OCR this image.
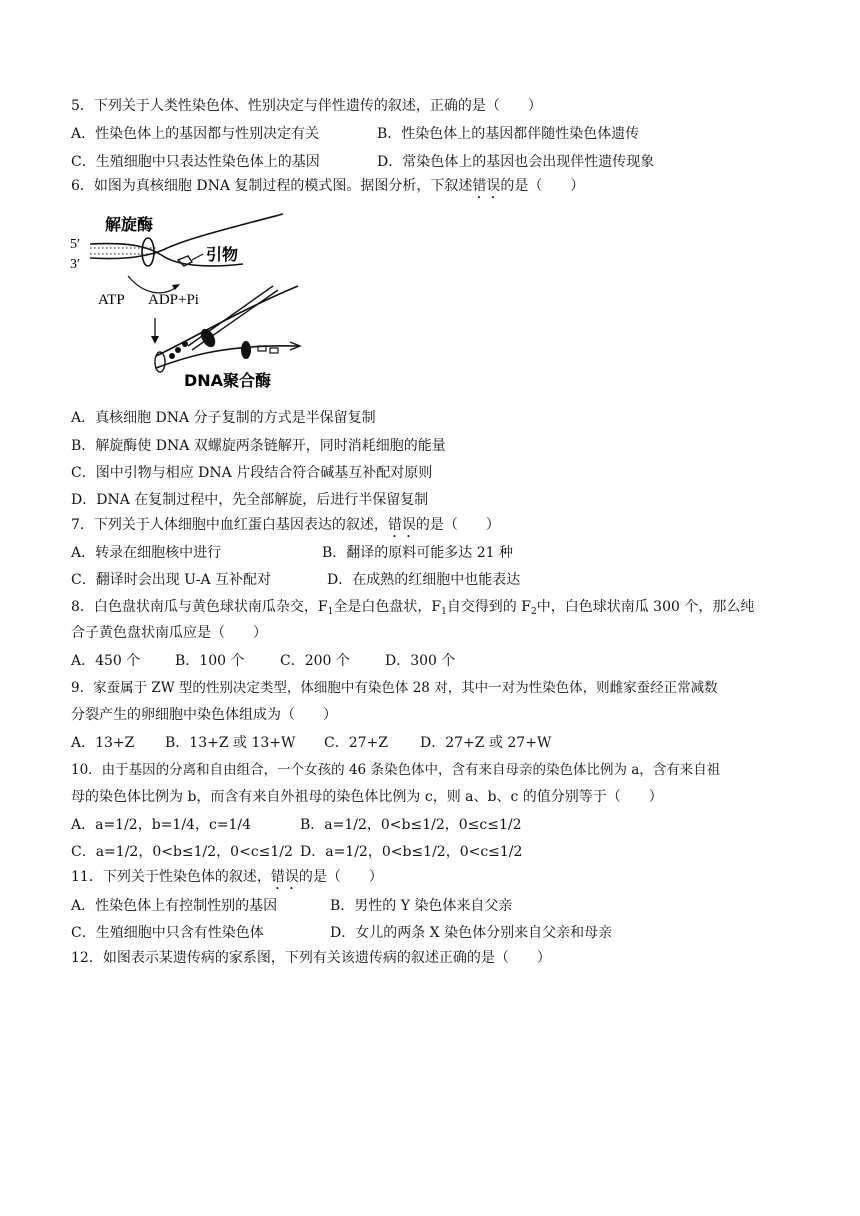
5．下列关于人类性染色体、性别决定与伴性遗传的叙述，正确的是（　　）
A．性染色体上的基因都与性别决定有关	B．性染色体上的基因都伴随性染色体遗传
C．生殖细胞中只表达性染色体上的基因	D．常染色体上的基因也会出现伴性遗传现象
6．如图为真核细胞 DNA 复制过程的模式图。据图分析，下叙述错误的是（　　）
5′
3′
解旋酶
引物
ATP ADP+Pi
DNA聚合酶
A．真核细胞 DNA 分子复制的方式是半保留复制
B．解旋酶使 DNA 双螺旋两条链解开，同时消耗细胞的能量
C．图中引物与相应 DNA 片段结合符合碱基互补配对原则
D．DNA 在复制过程中，先全部解旋，后进行半保留复制
7．下列关于人体细胞中血红蛋白基因表达的叙述，错误的是（　　）
A．转录在细胞核中进行	B．翻译的原料可能多达 21 种
C．翻译时会出现 U-A 互补配对	D．在成熟的红细胞中也能表达
8．白色盘状南瓜与黄色球状南瓜杂交，$F_1$全是白色盘状，$F_1$自交得到的 $F_2$中，白色球状南瓜 300 个，那么纯
合子黄色盘状南瓜应是（　　）
A．450 个 B．100 个	C．200 个	D．300 个
9．家蚕属于 ZW 型的性别决定类型，体细胞中有染色体 28 对，其中一对为性染色体，则雌家蚕经正常减数
分裂产生的卵细胞中染色体组成为（　　）
A．13+Z B．13+Z 或 13+W C．27+Z D．27+Z 或 27+W
10．由于基因的分离和自由组合，一个女孩的 46 条染色体中，含有来自母亲的染色体比例为 a，含有来自祖
母的染色体比例为 b，而含有来自外祖母的染色体比例为 c，则 a、b、c 的值分别等于（　　）
A．a=1/2，b=1/4，c=1/4	B．a=1/2，0<b≤1/2，0≤c≤1/2
C．a=1/2，0<b≤1/2，0<c≤1/2 D．a=1/2，0<b≤1/2，0<c≤1/2
11．下列关于性染色体的叙述，错误的是（　　）
A．性染色体上有控制性别的基因	B．男性的 Y 染色体来自父亲
C．生殖细胞中只含有性染色体	D．女儿的两条 X 染色体分别来自父亲和母亲
12．如图表示某遗传病的家系图，下列有关该遗传病的叙述正确的是（　　）
